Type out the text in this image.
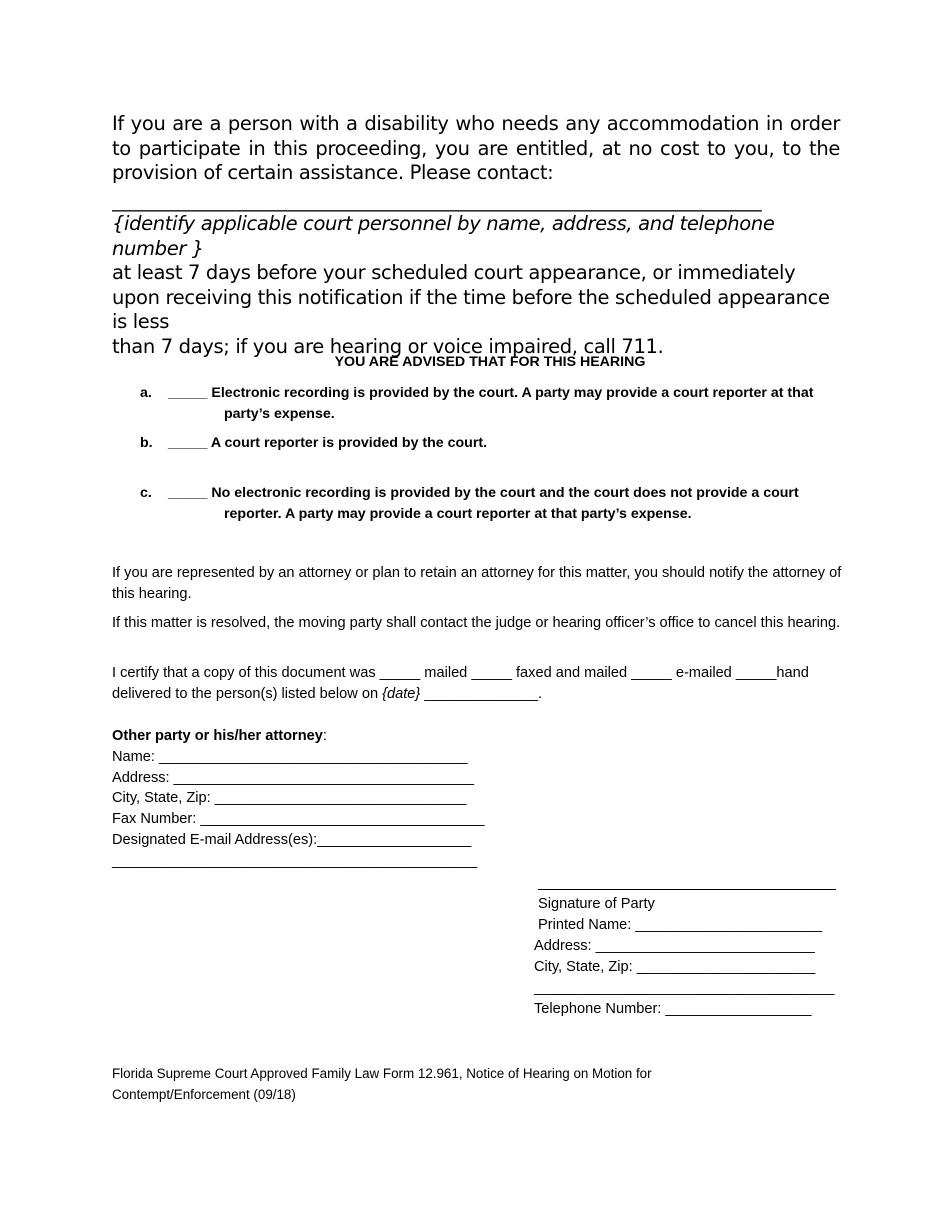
If you are a person with a disability who needs any accommodation in order to participate in this proceeding, you are entitled, at no cost to you, to the provision of certain assistance. Please contact:
___________________________________________________________________
{identify applicable court personnel by name, address, and telephone number }
at least 7 days before your scheduled court appearance, or immediately upon receiving this notification if the time before the scheduled appearance is less
than 7 days; if you are hearing or voice impaired, call 711.
YOU ARE ADVISED THAT FOR THIS HEARING
a. _____ Electronic recording is provided by the court. A party may provide a court reporter at that party’s expense.
b. _____ A court reporter is provided by the court.
c. _____ No electronic recording is provided by the court and the court does not provide a court reporter. A party may provide a court reporter at that party’s expense.
If you are represented by an attorney or plan to retain an attorney for this matter, you should notify the attorney of this hearing.
If this matter is resolved, the moving party shall contact the judge or hearing officer’s office to cancel this hearing.
I certify that a copy of this document was _____ mailed _____ faxed and mailed _____ e-mailed _____hand delivered to the person(s) listed below on {date} ______________.
Other party or his/her attorney:
Name: ______________________________________
Address: _____________________________________
City, State, Zip: _______________________________
Fax Number: ___________________________________
Designated E-mail Address(es):___________________
_____________________________________________
Signature of Party
Printed Name: _______________________
Address: ___________________________
City, State, Zip: ______________________
_____________________________________
Telephone Number: __________________
Florida Supreme Court Approved Family Law Form 12.961, Notice of Hearing on Motion for
Contempt/Enforcement (09/18)
